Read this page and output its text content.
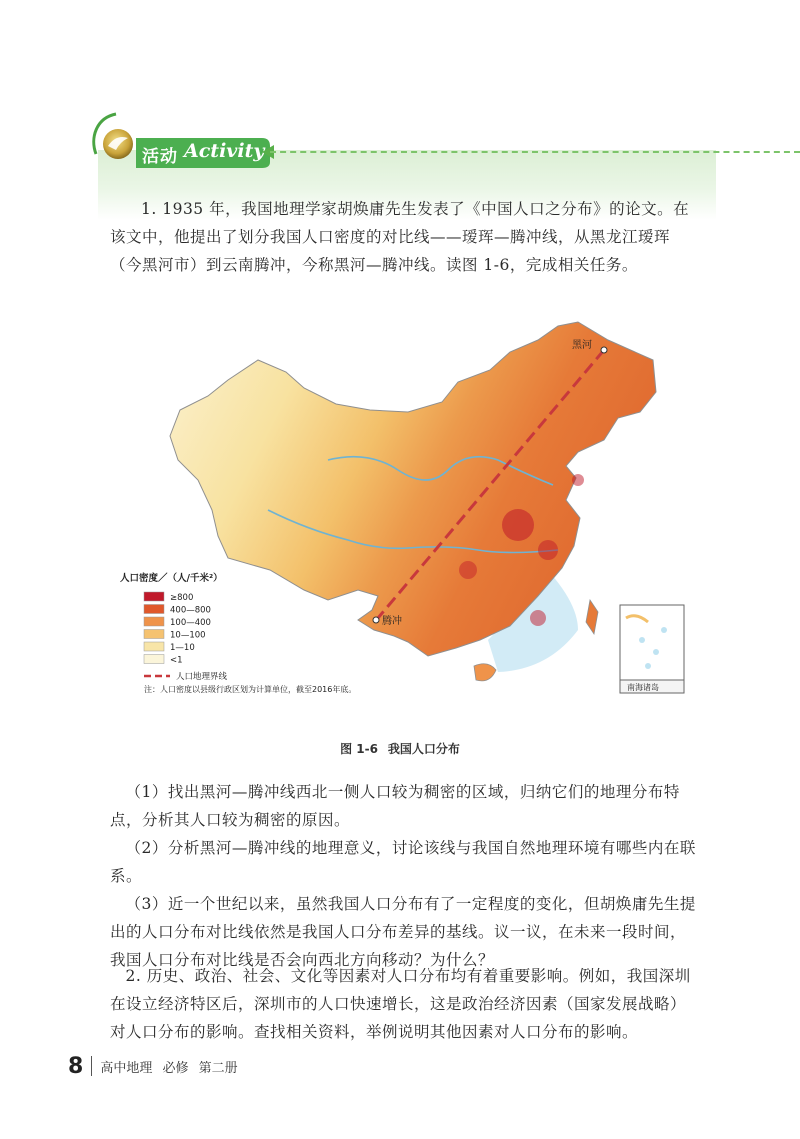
活动 Activity

1. 1935 年，我国地理学家胡焕庸先生发表了《中国人口之分布》的论文。在该文中，他提出了划分我国人口密度的对比线——瑷珲—腾冲线，从黑龙江瑷珲（今黑河市）到云南腾冲，今称黑河—腾冲线。读图 1-6，完成相关任务。

黑河
腾冲
南海诸岛
人口密度／（人/千米²）
≥800
400—800
100—400
10—100
1—10
<1
人口地理界线
注：人口密度以县级行政区划为计算单位，截至2016年底。
图 1-6 我国人口分布

（1）找出黑河—腾冲线西北一侧人口较为稠密的区域，归纳它们的地理分布特点，分析其人口较为稠密的原因。

（2）分析黑河—腾冲线的地理意义，讨论该线与我国自然地理环境有哪些内在联系。

（3）近一个世纪以来，虽然我国人口分布有了一定程度的变化，但胡焕庸先生提出的人口分布对比线依然是我国人口分布差异的基线。议一议，在未来一段时间，我国人口分布对比线是否会向西北方向移动？为什么？

2. 历史、政治、社会、文化等因素对人口分布均有着重要影响。例如，我国深圳在设立经济特区后，深圳市的人口快速增长，这是政治经济因素（国家发展战略）对人口分布的影响。查找相关资料，举例说明其他因素对人口分布的影响。

8 高中地理 必修 第二册
